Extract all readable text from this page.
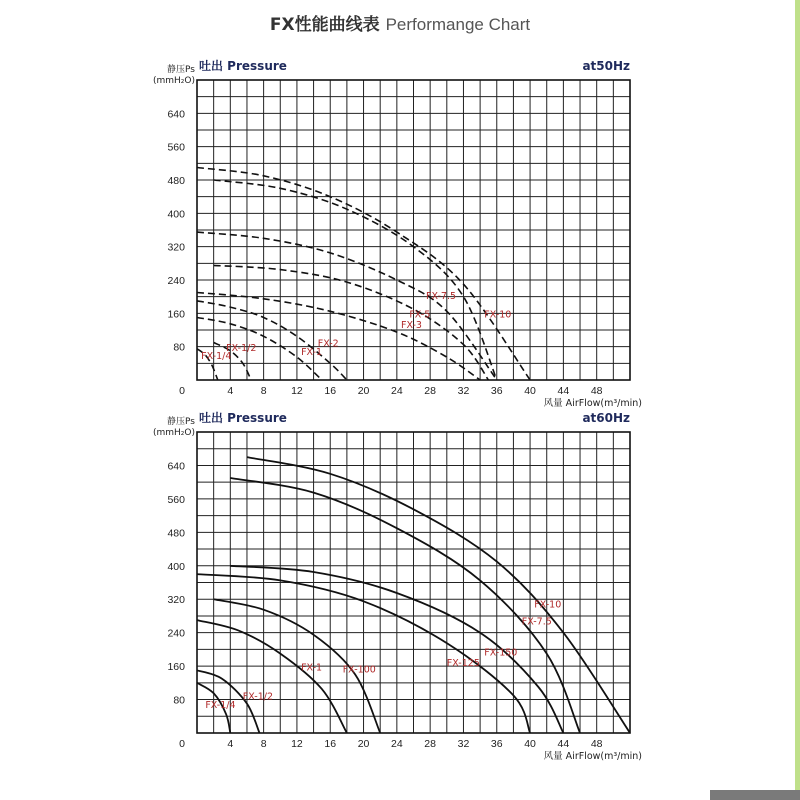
FX性能曲线表 Performange Chart
4	8 12 16 20 24 28 32 36 40 44 48
80
160
240
320
400
480
560
640
0
静压Ps
(mmH₂O)
风量 AirFlow(m³/min)
吐出 Pressure	at50Hz
FX-1/4
FX-1/2	FX-1
FX-2
FX-3
FX-5
FX-7.5
FX-10
4	8 12 16 20 24 28 32 36 40 44 48
80
160
240
320
400
480
560
640
0
静压Ps
(mmH₂O)
风量 AirFlow(m³/min)
吐出 Pressure	at60Hz
FX-1/4
FX-1/2
FX-1 FX-100
FX-125
FX-150
FX-7.5
FX-10
